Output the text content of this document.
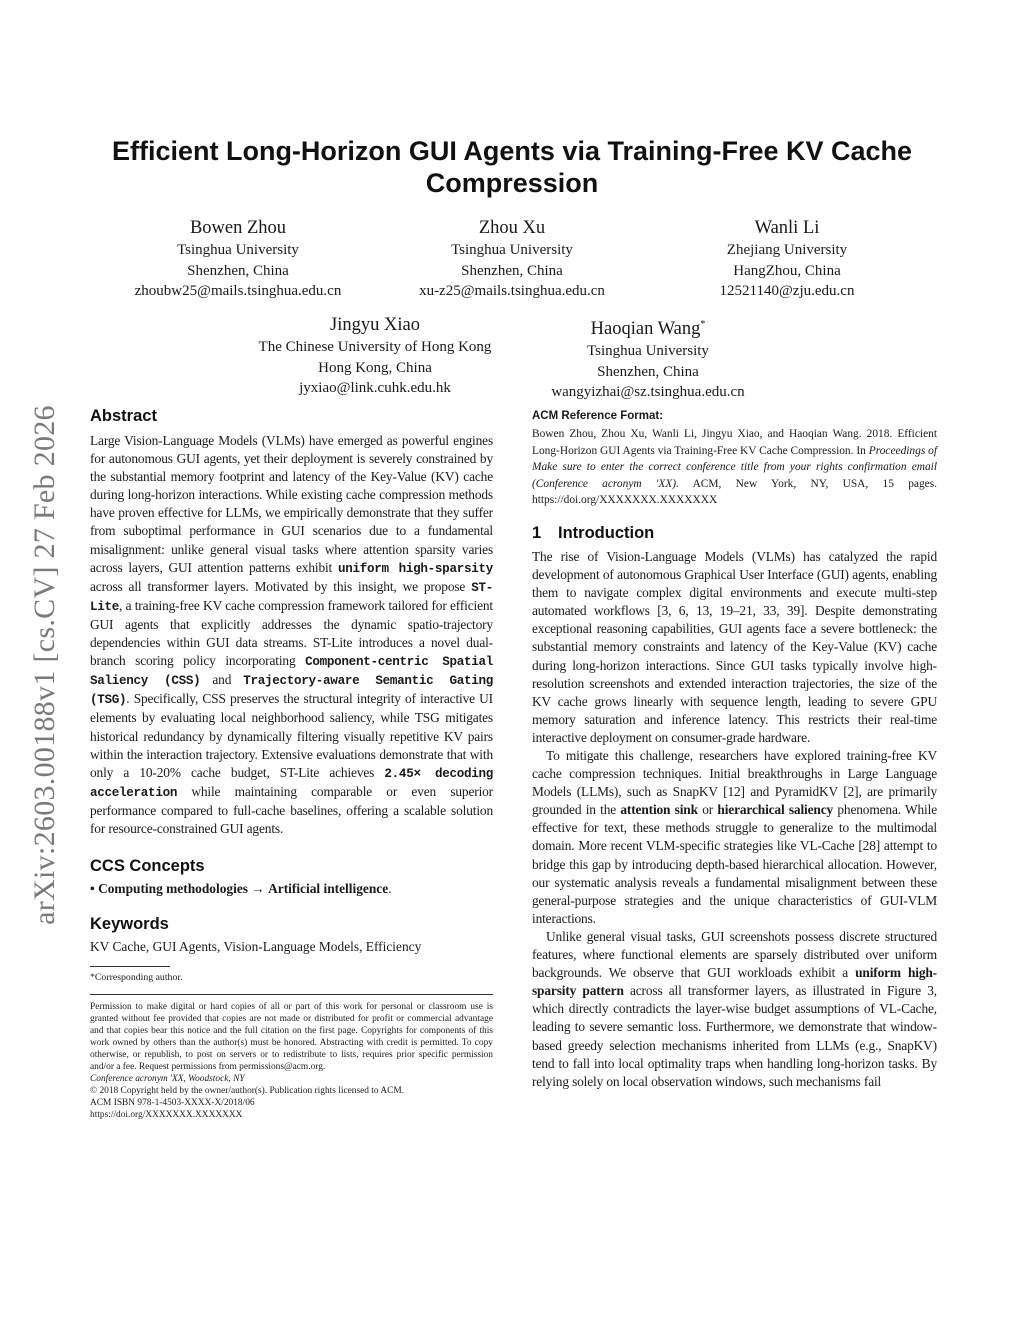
arXiv:2603.00188v1 [cs.CV] 27 Feb 2026
Efficient Long-Horizon GUI Agents via Training-Free KV Cache
Compression
Bowen Zhou
Tsinghua University
Shenzhen, China
zhoubw25@mails.tsinghua.edu.cn
Zhou Xu
Tsinghua University
Shenzhen, China
xu-z25@mails.tsinghua.edu.cn
Wanli Li
Zhejiang University
HangZhou, China
12521140@zju.edu.cn
Jingyu Xiao
The Chinese University of Hong Kong
Hong Kong, China
jyxiao@link.cuhk.edu.hk
Haoqian Wang*
Tsinghua University
Shenzhen, China
wangyizhai@sz.tsinghua.edu.cn
Abstract

Large Vision-Language Models (VLMs) have emerged as powerful engines for autonomous GUI agents, yet their deployment is severely constrained by the substantial memory footprint and latency of the Key-Value (KV) cache during long-horizon interactions. While existing cache compression methods have proven effective for LLMs, we empirically demonstrate that they suffer from suboptimal performance in GUI scenarios due to a fundamental misalignment: unlike general visual tasks where attention sparsity varies across layers, GUI attention patterns exhibit uniform high-sparsity across all transformer layers. Motivated by this insight, we propose ST-Lite, a training-free KV cache compression framework tailored for efficient GUI agents that explicitly addresses the dynamic spatio-trajectory dependencies within GUI data streams. ST-Lite introduces a novel dual-branch scoring policy incorporating Component-centric Spatial Saliency (CSS) and Trajectory-aware Semantic Gating (TSG). Specifically, CSS preserves the structural integrity of interactive UI elements by evaluating local neighborhood saliency, while TSG mitigates historical redundancy by dynamically filtering visually repetitive KV pairs within the interaction trajectory. Extensive evaluations demonstrate that with only a 10-20% cache budget, ST-Lite achieves 2.45× decoding acceleration while maintaining comparable or even superior performance compared to full-cache baselines, offering a scalable solution for resource-constrained GUI agents.

CCS Concepts

• Computing methodologies → Artificial intelligence.

Keywords

KV Cache, GUI Agents, Vision-Language Models, Efficiency

*Corresponding author.

Permission to make digital or hard copies of all or part of this work for personal or classroom use is granted without fee provided that copies are not made or distributed for profit or commercial advantage and that copies bear this notice and the full citation on the first page. Copyrights for components of this work owned by others than the author(s) must be honored. Abstracting with credit is permitted. To copy otherwise, or republish, to post on servers or to redistribute to lists, requires prior specific permission and/or a fee. Request permissions from permissions@acm.org.

Conference acronym 'XX, Woodstock, NY

© 2018 Copyright held by the owner/author(s). Publication rights licensed to ACM.

ACM ISBN 978-1-4503-XXXX-X/2018/06

https://doi.org/XXXXXXX.XXXXXXX

ACM Reference Format:

Bowen Zhou, Zhou Xu, Wanli Li, Jingyu Xiao, and Haoqian Wang. 2018. Efficient Long-Horizon GUI Agents via Training-Free KV Cache Compression. In Proceedings of Make sure to enter the correct conference title from your rights confirmation email (Conference acronym 'XX). ACM, New York, NY, USA, 15 pages. https://doi.org/XXXXXXX.XXXXXXX

1 Introduction

The rise of Vision-Language Models (VLMs) has catalyzed the rapid development of autonomous Graphical User Interface (GUI) agents, enabling them to navigate complex digital environments and execute multi-step automated workflows [3, 6, 13, 19–21, 33, 39]. Despite demonstrating exceptional reasoning capabilities, GUI agents face a severe bottleneck: the substantial memory constraints and latency of the Key-Value (KV) cache during long-horizon interactions. Since GUI tasks typically involve high-resolution screenshots and extended interaction trajectories, the size of the KV cache grows linearly with sequence length, leading to severe GPU memory saturation and inference latency. This restricts their real-time interactive deployment on consumer-grade hardware.

To mitigate this challenge, researchers have explored training-free KV cache compression techniques. Initial breakthroughs in Large Language Models (LLMs), such as SnapKV [12] and PyramidKV [2], are primarily grounded in the attention sink or hierarchical saliency phenomena. While effective for text, these methods struggle to generalize to the multimodal domain. More recent VLM-specific strategies like VL-Cache [28] attempt to bridge this gap by introducing depth-based hierarchical allocation. However, our systematic analysis reveals a fundamental misalignment between these general-purpose strategies and the unique characteristics of GUI-VLM interactions.

Unlike general visual tasks, GUI screenshots possess discrete structured features, where functional elements are sparsely distributed over uniform backgrounds. We observe that GUI workloads exhibit a uniform high-sparsity pattern across all transformer layers, as illustrated in Figure 3, which directly contradicts the layer-wise budget assumptions of VL-Cache, leading to severe semantic loss. Furthermore, we demonstrate that window-based greedy selection mechanisms inherited from LLMs (e.g., SnapKV) tend to fall into local optimality traps when handling long-horizon tasks. By relying solely on local observation windows, such mechanisms fail
